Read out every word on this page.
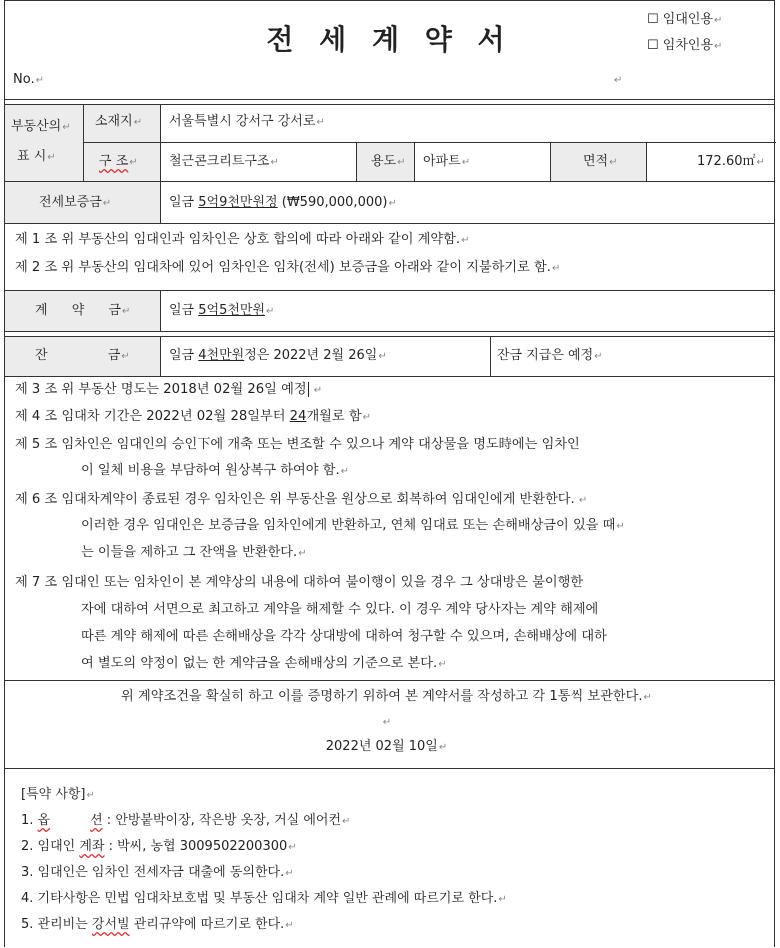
전 세 계 약 서
☐ 임대인용↵
☐ 임차인용↵
No.↵	↵
부동산의↵
표 시↵
소재지↵ 서울특별시 강서구 강서로↵
구 조↵ 철근콘크리트구조↵	용도↵ 아파트↵	면적↵	172.60㎡↵
전세보증금↵	일금 5억9천만원정 (₩590,000,000)↵
제 1 조 위 부동산의 임대인과 임차인은 상호 합의에 따라 아래와 같이 계약함.↵
제 2 조 위 부동산의 임대차에 있어 임차인은 임차(전세) 보증금을 아래와 같이 지불하기로 함.↵
계 약 금↵	일금 5억5천만원↵
잔 금↵	일금 4천만원정은 2022년 2월 26일↵	잔금 지급은 예정↵
제 3 조 위 부동산 명도는 2018년 02월 26일 예정 ↵
제 4 조 임대차 기간은 2022년 02월 28일부터 24개월로 함↵
제 5 조 임차인은 임대인의 승인下에 개축 또는 변조할 수 있으나 계약 대상물을 명도時에는 임차인
이 일체 비용을 부담하여 원상복구 하여야 함.↵
제 6 조 임대차계약이 종료된 경우 임차인은 위 부동산을 원상으로 회복하여 임대인에게 반환한다. ↵
이러한 경우 임대인은 보증금을 임차인에게 반환하고, 연체 임대료 또는 손해배상금이 있을 때↵
는 이들을 제하고 그 잔액을 반환한다.↵
제 7 조 임대인 또는 임차인이 본 계약상의 내용에 대하여 불이행이 있을 경우 그 상대방은 불이행한
자에 대하여 서면으로 최고하고 계약을 해제할 수 있다. 이 경우 계약 당사자는 계약 해제에
따른 계약 해제에 따른 손해배상을 각각 상대방에 대하여 청구할 수 있으며, 손해배상에 대하
여 별도의 약정이 없는 한 계약금을 손해배상의 기준으로 본다.↵
위 계약조건을 확실히 하고 이를 증명하기 위하여 본 계약서를 작성하고 각 1통씩 보관한다.↵
↵
2022년 02월 10일↵
[특약 사항]↵
1. 옵	션 : 안방붙박이장, 작은방 옷장, 거실 에어컨↵
2. 임대인 계좌 : 박씨, 농협 3009502200300↵
3. 임대인은 임차인 전세자금 대출에 동의한다.↵
4. 기타사항은 민법 임대차보호법 및 부동산 임대차 계약 일반 관례에 따르기로 한다.↵
5. 관리비는 강서빌 관리규약에 따르기로 한다.↵
